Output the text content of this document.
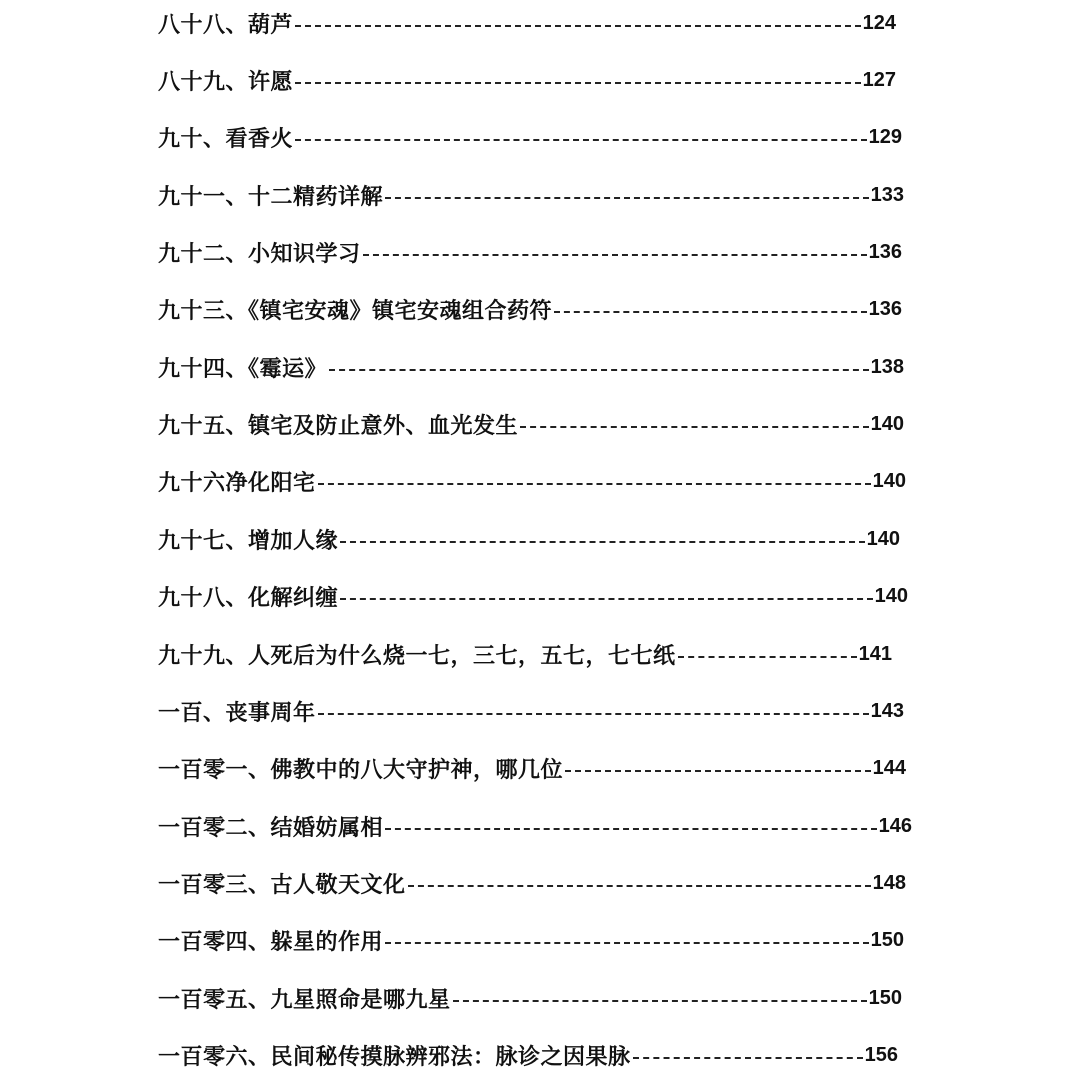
八十八、葫芦	124
八十九、许愿	127
九十、看香火	129
九十一、十二精药详解	133
九十二、小知识学习	136
九十三、《镇宅安魂》镇宅安魂组合药符	136
九十四、《霉运》	138
九十五、镇宅及防止意外、血光发生	140
九十六净化阳宅	140
九十七、增加人缘	140
九十八、化解纠缠	140
九十九、人死后为什么烧一七，三七，五七，七七纸	141
一百、丧事周年	143
一百零一、佛教中的八大守护神，哪几位	144
一百零二、结婚妨属相	146
一百零三、古人敬天文化	148
一百零四、躲星的作用	150
一百零五、九星照命是哪九星	150
一百零六、民间秘传摸脉辨邪法：脉诊之因果脉	156
